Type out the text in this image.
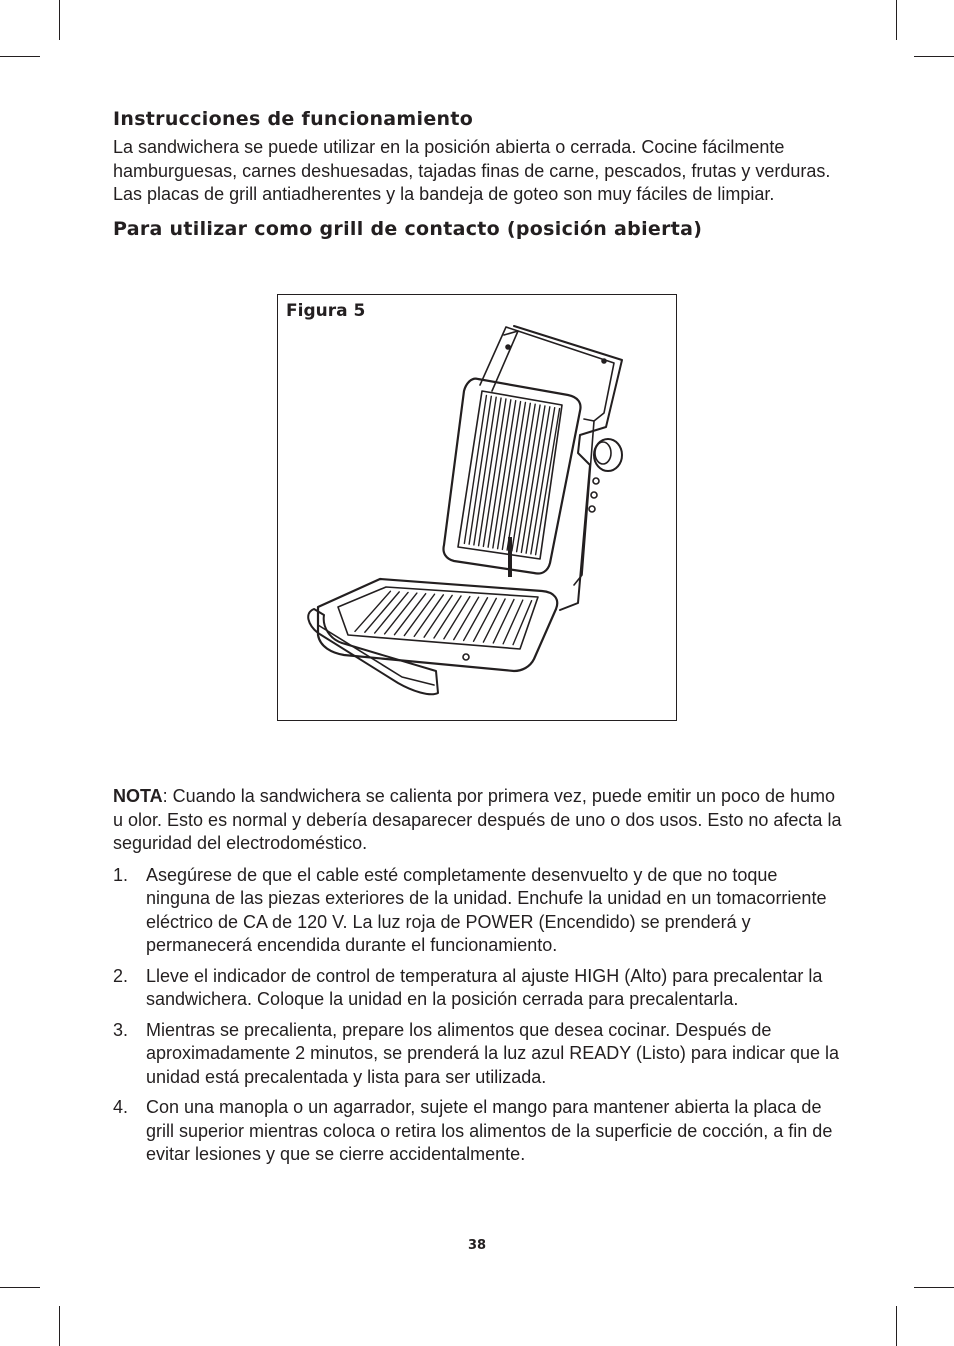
Instrucciones de funcionamiento

La sandwichera se puede utilizar en la posición abierta o cerrada. Cocine fácilmente hamburguesas, carnes deshuesadas, tajadas finas de carne, pescados, frutas y verduras. Las placas de grill antiadherentes y la bandeja de goteo son muy fáciles de limpiar.

Para utilizar como grill de contacto (posición abierta)
Figura 5

NOTA: Cuando la sandwichera se calienta por primera vez, puede emitir un poco de humo u olor. Esto es normal y debería desaparecer después de uno o dos usos. Esto no afecta la seguridad del electrodoméstico.

1. Asegúrese de que el cable esté completamente desenvuelto y de que no toque ninguna de las piezas exteriores de la unidad. Enchufe la unidad en un tomacorriente eléctrico de CA de 120 V. La luz roja de POWER (Encendido) se prenderá y permanecerá encendida durante el funcionamiento.
2. Lleve el indicador de control de temperatura al ajuste HIGH (Alto) para precalentar la sandwichera. Coloque la unidad en la posición cerrada para precalentarla.
3. Mientras se precalienta, prepare los alimentos que desea cocinar. Después de aproximadamente 2 minutos, se prenderá la luz azul READY (Listo) para indicar que la unidad está precalentada y lista para ser utilizada.
4. Con una manopla o un agarrador, sujete el mango para mantener abierta la placa de grill superior mientras coloca o retira los alimentos de la superficie de cocción, a fin de evitar lesiones y que se cierre accidentalmente.
38
